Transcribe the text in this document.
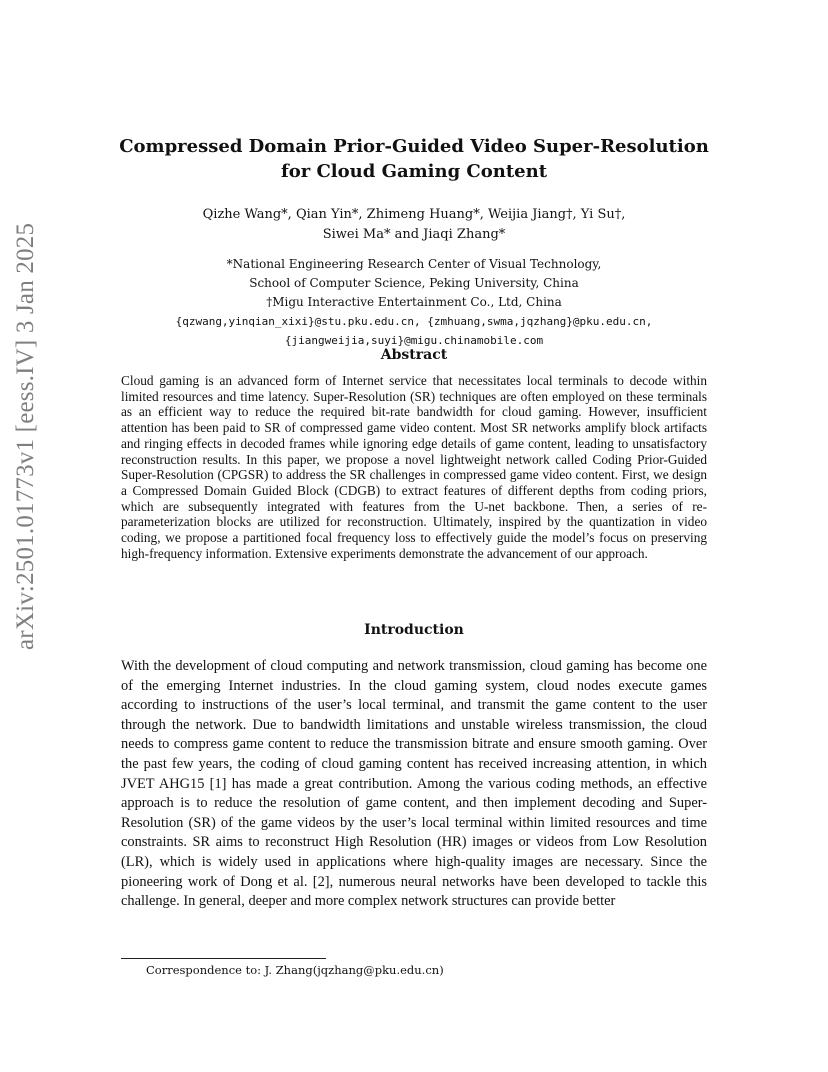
arXiv:2501.01773v1 [eess.IV] 3 Jan 2025
Compressed Domain Prior-Guided Video Super-Resolution
for Cloud Gaming Content
Qizhe Wang*, Qian Yin*, Zhimeng Huang*, Weijia Jiang†, Yi Su†,
Siwei Ma* and Jiaqi Zhang*
*National Engineering Research Center of Visual Technology,
School of Computer Science, Peking University, China
†Migu Interactive Entertainment Co., Ltd, China
{qzwang,yinqian_xixi}@stu.pku.edu.cn, {zmhuang,swma,jqzhang}@pku.edu.cn,
{jiangweijia,suyi}@migu.chinamobile.com
Abstract
Cloud gaming is an advanced form of Internet service that necessitates local terminals to decode within limited resources and time latency. Super-Resolution (SR) techniques are often employed on these terminals as an efficient way to reduce the required bit-rate bandwidth for cloud gaming. However, insufficient attention has been paid to SR of compressed game video content. Most SR networks amplify block artifacts and ringing effects in decoded frames while ignoring edge details of game content, leading to unsatisfactory reconstruction results. In this paper, we propose a novel lightweight network called Coding Prior-Guided Super-Resolution (CPGSR) to address the SR challenges in compressed game video content. First, we design a Compressed Domain Guided Block (CDGB) to extract features of different depths from coding priors, which are subsequently integrated with features from the U-net backbone. Then, a series of re-parameterization blocks are utilized for reconstruction. Ultimately, inspired by the quantization in video coding, we propose a partitioned focal frequency loss to effectively guide the model’s focus on preserving high-frequency information. Extensive experiments demonstrate the advancement of our approach.
Introduction
With the development of cloud computing and network transmission, cloud gaming has become one of the emerging Internet industries. In the cloud gaming system, cloud nodes execute games according to instructions of the user’s local terminal, and transmit the game content to the user through the network. Due to bandwidth limitations and unstable wireless transmission, the cloud needs to compress game content to reduce the transmission bitrate and ensure smooth gaming. Over the past few years, the coding of cloud gaming content has received increasing attention, in which JVET AHG15 [1] has made a great contribution. Among the various coding methods, an effective approach is to reduce the resolution of game content, and then implement decoding and Super-Resolution (SR) of the game videos by the user’s local terminal within limited resources and time constraints. SR aims to reconstruct High Resolution (HR) images or videos from Low Resolution (LR), which is widely used in applications where high-quality images are necessary. Since the pioneering work of Dong et al. [2], numerous neural networks have been developed to tackle this challenge. In general, deeper and more complex network structures can provide better
Correspondence to: J. Zhang(jqzhang@pku.edu.cn)
